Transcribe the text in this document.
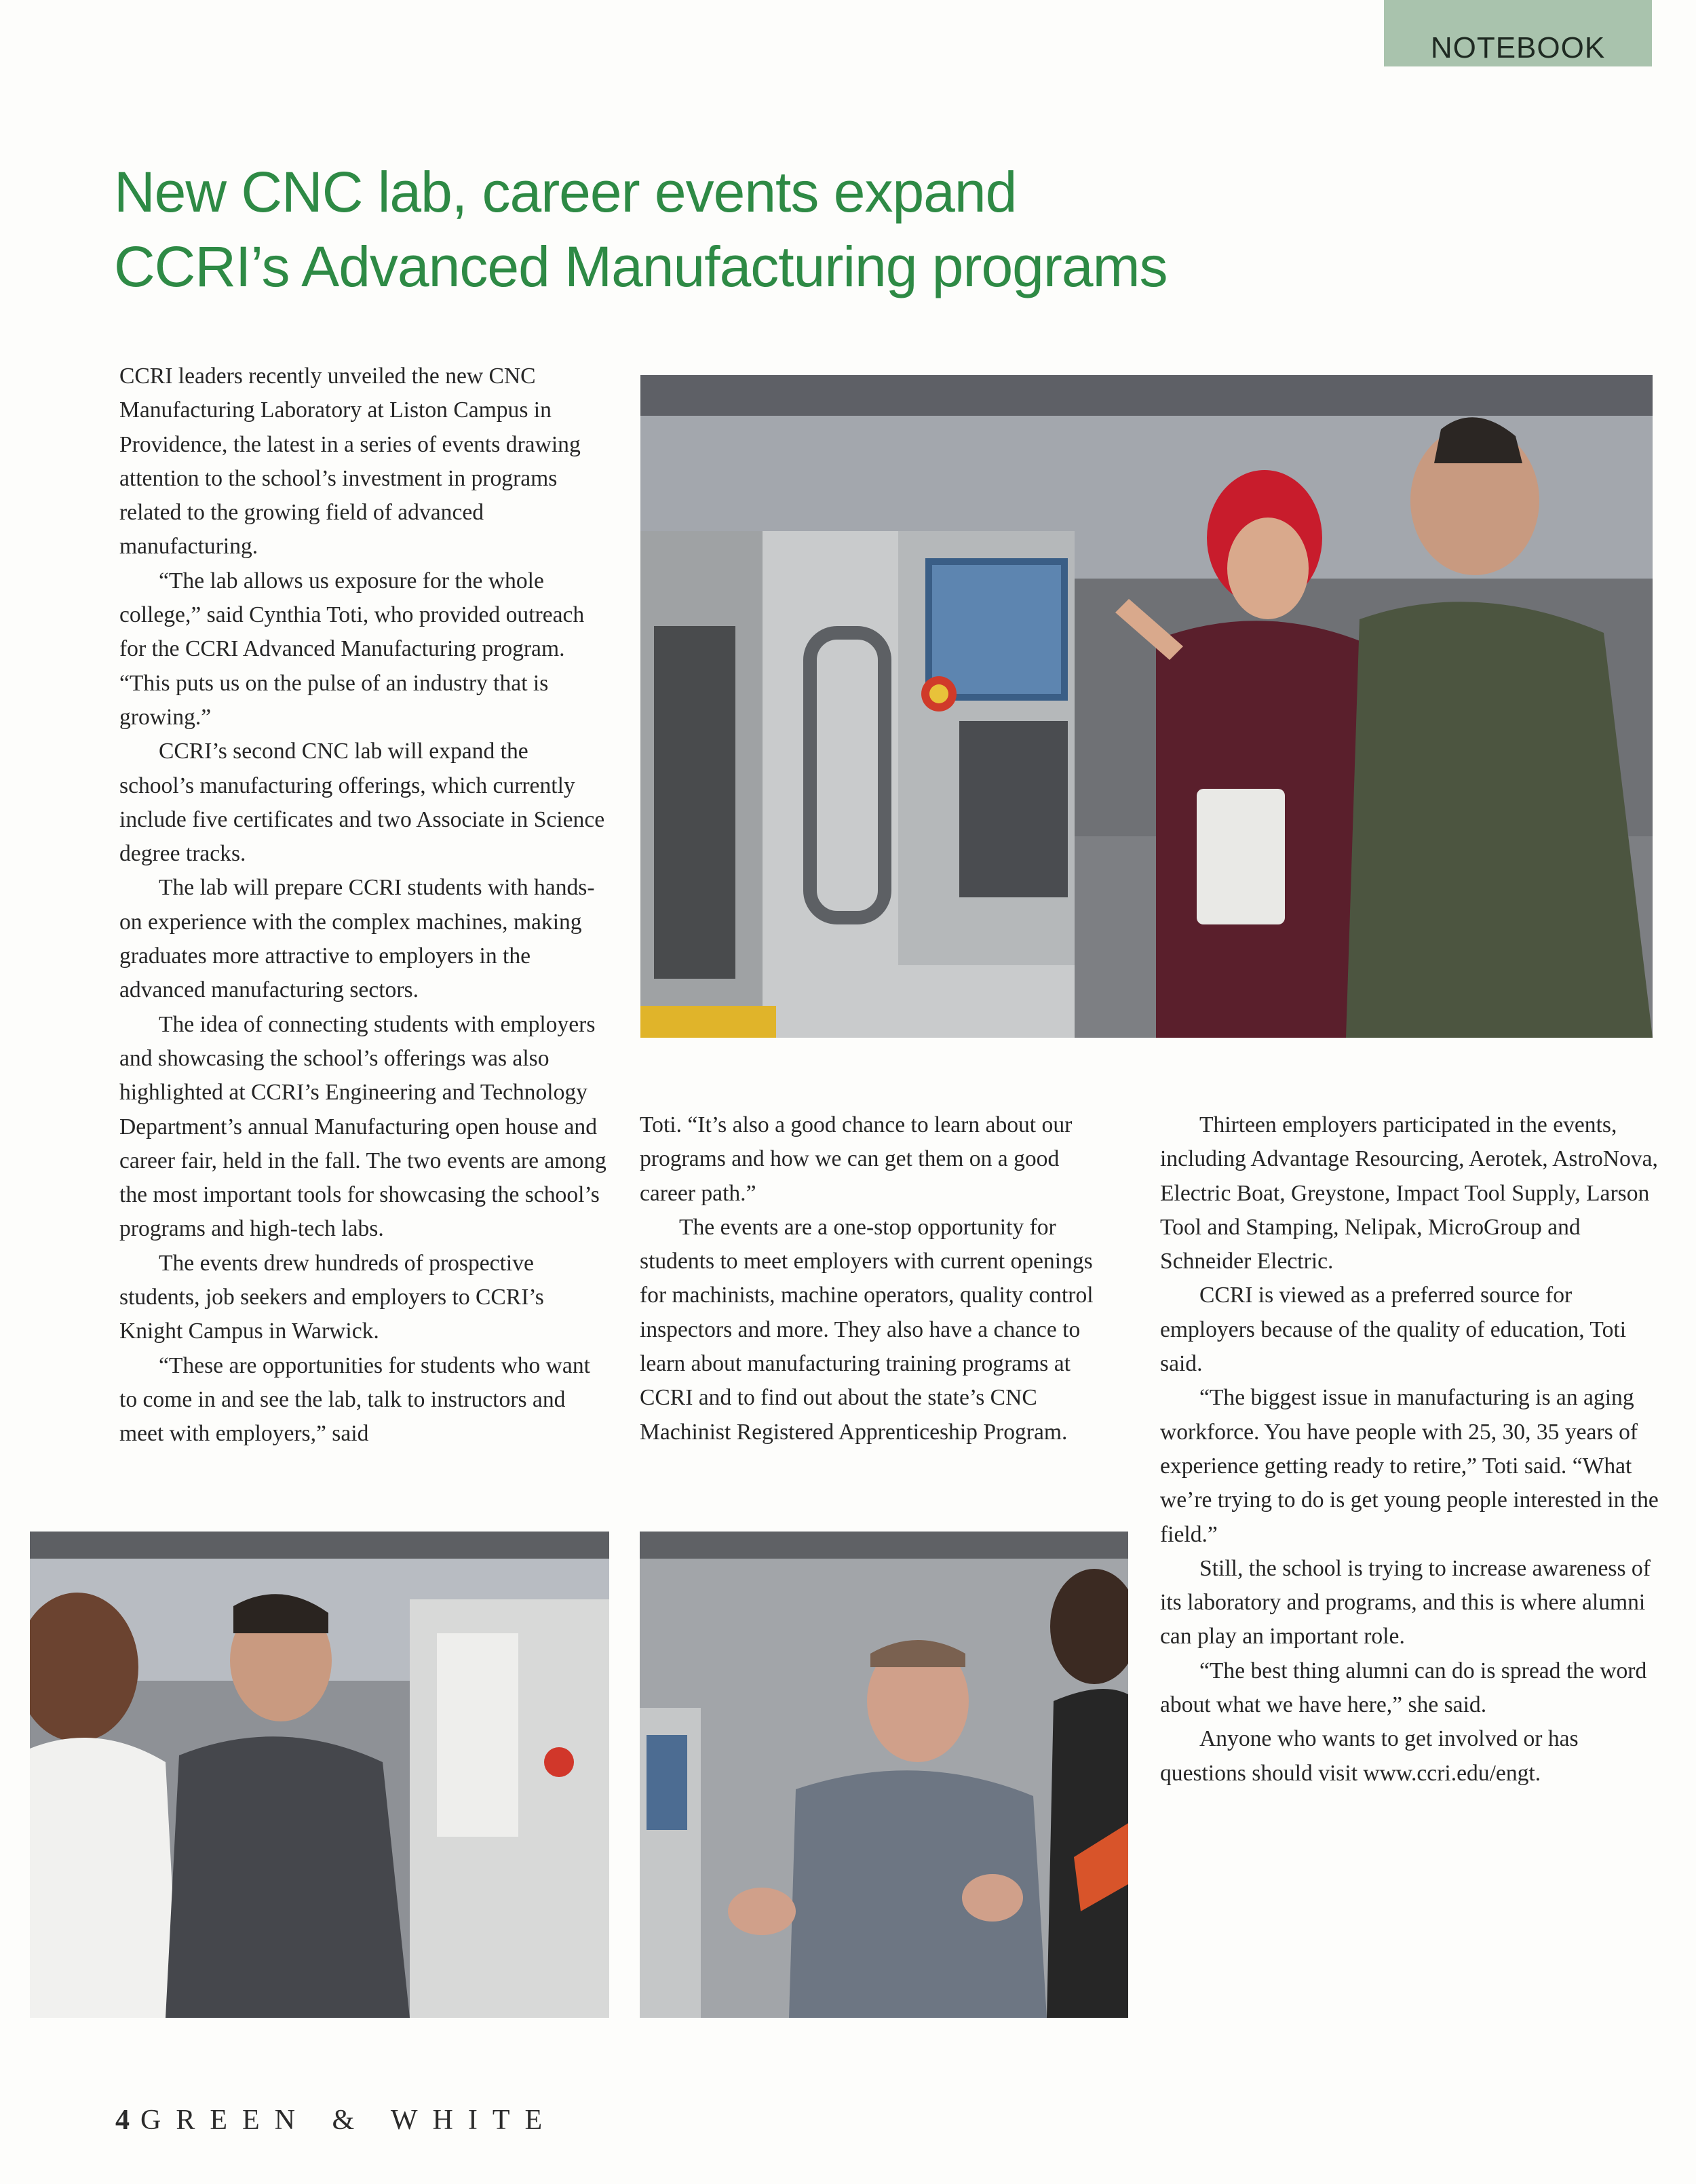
NOTEBOOK
New CNC lab, career events expand
CCRI’s Advanced Manufacturing programs

CCRI leaders recently unveiled the new CNC Manufacturing Laboratory at Liston Campus in Providence, the latest in a series of events drawing attention to the school’s investment in programs related to the growing field of advanced manufacturing.

“The lab allows us exposure for the whole college,” said Cynthia Toti, who provided outreach for the CCRI Advanced Manufacturing program. “This puts us on the pulse of an industry that is growing.”

CCRI’s second CNC lab will expand the school’s manufacturing offerings, which currently include five certificates and two Associate in Science degree tracks.

The lab will prepare CCRI students with hands-on experience with the complex machines, making graduates more attractive to employers in the advanced manufacturing sectors.

The idea of connecting students with employers and showcasing the school’s offerings was also highlighted at CCRI’s Engineering and Technology Department’s annual Manufacturing open house and career fair, held in the fall. The two events are among the most important tools for showcasing the school’s programs and high-tech labs.

The events drew hundreds of prospective students, job seekers and employers to CCRI’s Knight Campus in Warwick.

“These are opportunities for students who want to come in and see the lab, talk to instructors and meet with employers,” said

Toti. “It’s also a good chance to learn about our programs and how we can get them on a good career path.”

The events are a one-stop opportunity for students to meet employers with current openings for machinists, machine operators, quality control inspectors and more. They also have a chance to learn about manufacturing training programs at CCRI and to find out about the state’s CNC Machinist Registered Apprenticeship Program.

Thirteen employers participated in the events, including Advantage Resourcing, Aerotek, AstroNova, Electric Boat, Greystone, Impact Tool Supply, Larson Tool and Stamping, Nelipak, MicroGroup and Schneider Electric.

CCRI is viewed as a preferred source for employers because of the quality of education, Toti said.

“The biggest issue in manufacturing is an aging workforce. You have people with 25, 30, 35 years of experience getting ready to retire,” Toti said. “What we’re trying to do is get young people interested in the field.”

Still, the school is trying to increase awareness of its laboratory and programs, and this is where alumni can play an important role.

“The best thing alumni can do is spread the word about what we have here,” she said.

Anyone who wants to get involved or has questions should visit www.ccri.edu/engt.

4 GREEN & WHITE
